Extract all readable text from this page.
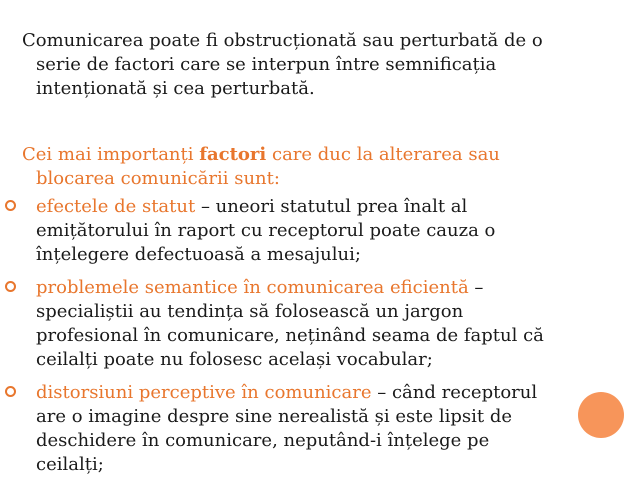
Comunicarea poate fi obstrucționată sau perturbată de o
serie de factori care se interpun între semnificația
intenționată și cea perturbată.

Cei mai importanți factori care duc la alterarea sau
blocarea comunicării sunt:

efectele de statut – uneori statutul prea înalt al
emițătorului în raport cu receptorul poate cauza o
înțelegere defectuoasă a mesajului;
problemele semantice în comunicarea eficientă –
specialiștii au tendința să folosească un jargon
profesional în comunicare, neținând seama de faptul că
ceilalți poate nu folosesc același vocabular;
distorsiuni perceptive în comunicare – când receptorul
are o imagine despre sine nerealistă și este lipsit de
deschidere în comunicare, neputând-i înțelege pe
ceilalți;
